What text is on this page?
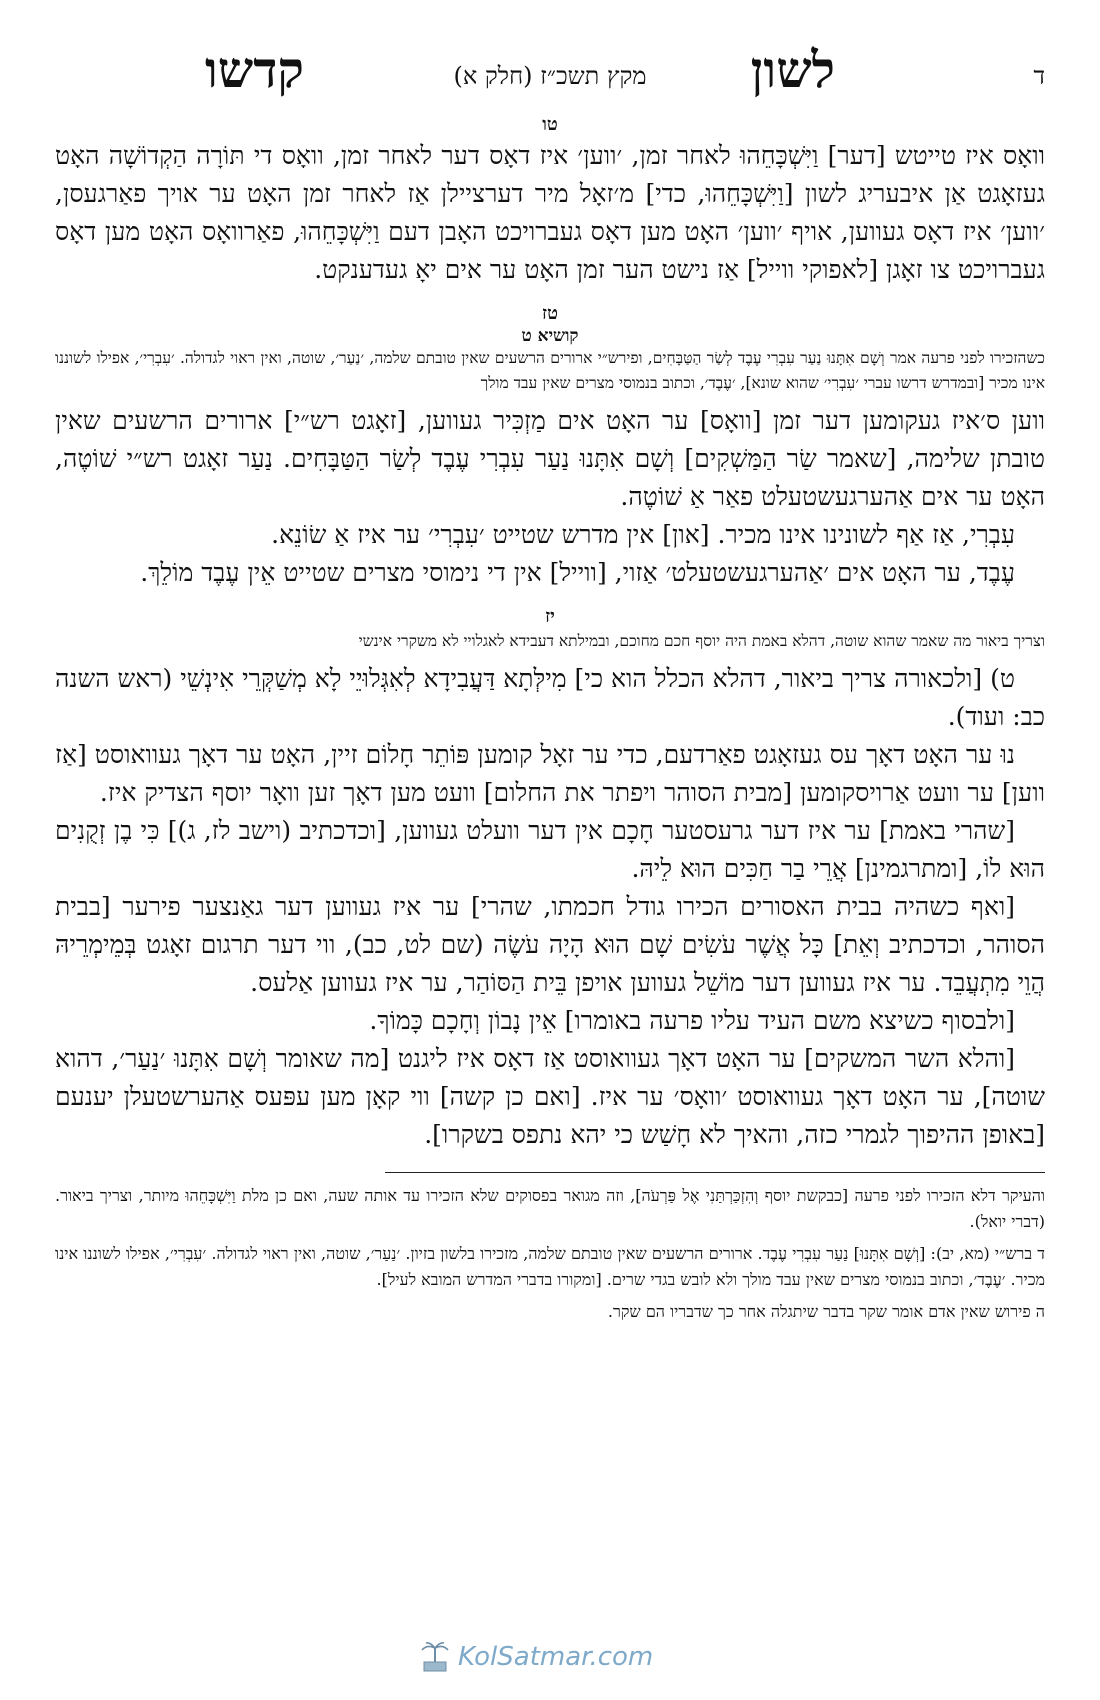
ד
לשון
מקץ תשכ״ז (חלק א)
קדשו
טו

וואָס איז טייטש [דער] וַיִּשְׁכָּחֵהוּ לאחר זמן, ׳ווען׳ איז דאָס דער לאחר זמן, וואָס די תּוֹרָה הַקְדוֹשָׁה האָט געזאָגט אַן איבעריג לשון [וַיִּשְׁכָּחֵהוּ, כדי] מ׳זאָל מיר דערציילן אַז לאחר זמן האָט ער אויך פאַרגעסן, ׳ווען׳ איז דאָס געווען, אויף ׳ווען׳ האָט מען דאָס געברויכט האָבן דעם וַיִּשְׁכָּחֵהוּ, פאַרוואָס האָט מען דאָס געברויכט צו זאָגן [לאפוקי ווייל] אַז נישט הער זמן האָט ער אים יאָ געדענקט.

טז
קושיא ט

כשהזכירו לפני פרעה אמר וְשָׁם אִתָּנוּ נַעַר עִבְרִי עֶבֶד לְשַׂר הַטַּבָּחִים, ופירש״י ארורים הרשעים שאין טובתם שלמה, ׳נַעַר׳, שוטה, ואין ראוי לגדולה. ׳עִבְרִי׳, אפילו לשוננו אינו מכיר [ובמדרש דרשו עברי ׳עִבְרִי׳ שהוא שונא], ׳עֶבֶד׳, וכתוב בנמוסי מצרים שאין עבד מולך

ווען ס׳איז געקומען דער זמן [וואָס] ער האָט אים מַזְכִּיר געווען, [זאָגט רש״י] ארורים הרשעים שאין טובתן שלימה, [שאמר שַׂר הַמַּשְׁקִים] וְשָׁם אִתָּנוּ נַעַר עִבְרִי עֶבֶד לְשַׂר הַטַּבָּחִים. נַעַר זאָגט רש״י שׁוֹטֶה, האָט ער אים אַהערגעשטעלט פאַר אַ שׁוֹטֶה.

עִבְרִי, אַז אַף לשונינו אינו מכיר. [און] אין מדרש שטייט ׳עִבְרִי׳ ער איז אַ שׂוֹנֵא.

עֶבֶד, ער האָט אים ׳אַהערגעשטעלט׳ אַזוי, [ווייל] אין די נימוסי מצרים שטייט אֵין עֶבֶד מוֹלֵךְ.

יז

וצריך ביאור מה שאמר שהוא שוטה, דהלא באמת היה יוסף חכם מחוכם, ובמילתא דעבידא לאגלויי לא משקרי אינשי

ט) [ולכאורה צריך ביאור, דהלא הכלל הוא כי] מִילְּתָא דַּעֲבִידָא לְאִגְּלוּיֵי לָא מְשַׁקְּרֵי אִינְשֵׁי (ראש השנה כב: ועוד).

נוּ ער האָט דאָך עס געזאָגט פאַרדעם, כדי ער זאָל קומען פּוֹתֵר חָלוֹם זיין, האָט ער דאָך געוואוסט [אַז ווען] ער וועט אַרויסקומען [מבית הסוהר ויפתר את החלום] וועט מען דאָך זען וואָר יוסף הצדיק איז.

[שהרי באמת] ער איז דער גרעסטער חָכָם אין דער וועלט געווען, [וכדכתיב (וישב לז, ג)] כִּי בֶן זְקֻנִים הוּא לוֹ, [ומתרגמינן] אֲרֵי בַר חַכִּים הוּא לֵיהּ.

[ואף כשהיה בבית האסורים הכירו גודל חכמתו, שהרי] ער איז געווען דער גאַנצער פירער [בבית הסוהר, וכדכתיב וְאֵת] כָּל אֲשֶׁר עֹשִׂים שָׁם הוּא הָיָה עֹשֶׂה (שם לט, כב), ווי דער תרגום זאָגט בְּמֵימְרֵיהּ הֲוֵי מִתְעֲבֵד. ער איז געווען דער מוֹשֵׁל געווען אויפן בֵּית הַסּוֹהַר, ער איז געווען אַלעס.

[ולבסוף כשיצא משם העיד עליו פרעה באומרו] אֵין נָבוֹן וְחָכָם כָּמוֹךָ.

[והלא השר המשקים] ער האָט דאָך געוואוסט אַז דאָס איז ליגנט [מה שאומר וְשָׁם אִתָּנוּ ׳נַעַר׳, דהוא שוטה], ער האָט דאָך געוואוסט ׳וואָס׳ ער איז. [ואם כן קשה] ווי קאָן מען עפּעס אַהערשטעלן יענעם [באופן ההיפוך לגמרי כזה, והאיך לא חָשַׁש כי יהא נתפס בשקרו].

והעיקר דלא הזכירו לפני פרעה [כבקשת יוסף וְהִזְכַּרְתַּנִי אֶל פַּרְעֹה], וזה מגואר בפסוקים שלא הזכירו עד אותה שעה, ואם כן מלת וַיִּשְׁכָּחֵהוּ מיותר, וצריך ביאור. (דברי יואל).

ד ברש״י (מא, יב): [וְשָׁם אִתָּנוּ] נַעַר עִבְרִי עֶבֶד. ארורים הרשעים שאין טובתם שלמה, מזכירו בלשון בזיון. ׳נַעַר׳, שוטה, ואין ראוי לגדולה. ׳עִבְרִי׳, אפילו לשוננו אינו מכיר. ׳עֶבֶד׳, וכתוב בנמוסי מצרים שאין עבד מולך ולא לובש בגדי שרים. [ומקורו בדברי המדרש המובא לעיל].

ה פירוש שאין אדם אומר שקר בדבר שיתגלה אחר כך שדבריו הם שקר.

KolSatmar.com
